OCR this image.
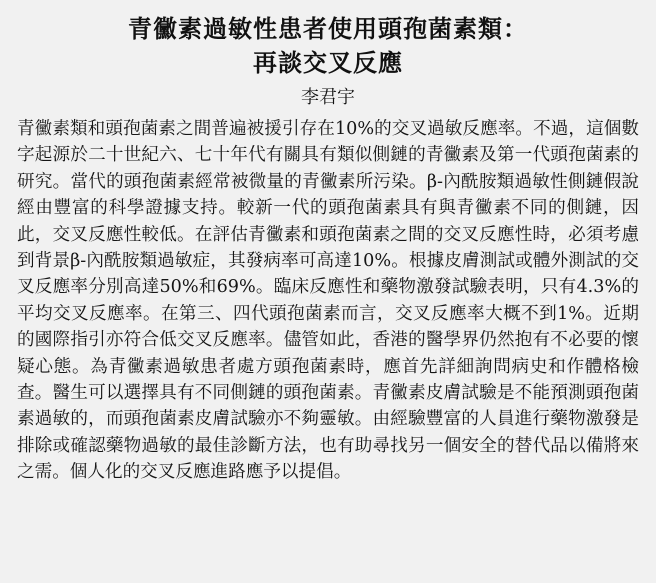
青黴素過敏性患者使用頭孢菌素類：
再談交叉反應
李君宇

青黴素類和頭孢菌素之間普遍被援引存在10%的交叉過敏反應率。不過，這個數字起源於二十世紀六、七十年代有關具有類似側鏈的青黴素及第一代頭孢菌素的研究。當代的頭孢菌素經常被微量的青黴素所污染。β-內酰胺類過敏性側鏈假說經由豐富的科學證據支持。較新一代的頭孢菌素具有與青黴素不同的側鏈，因此，交叉反應性較低。在評估青黴素和頭孢菌素之間的交叉反應性時，必須考慮到背景β-內酰胺類過敏症，其發病率可高達10%。根據皮膚測試或體外測試的交叉反應率分別高達50%和69%。臨床反應性和藥物激發試驗表明，只有4.3%的平均交叉反應率。在第三、四代頭孢菌素而言，交叉反應率大概不到1%。近期的國際指引亦符合低交叉反應率。儘管如此，香港的醫學界仍然抱有不必要的懷疑心態。為青黴素過敏患者處方頭孢菌素時，應首先詳細詢問病史和作體格檢查。醫生可以選擇具有不同側鏈的頭孢菌素。青黴素皮膚試驗是不能預測頭孢菌素過敏的，而頭孢菌素皮膚試驗亦不夠靈敏。由經驗豐富的人員進行藥物激發是排除或確認藥物過敏的最佳診斷方法，也有助尋找另一個安全的替代品以備將來之需。個人化的交叉反應進路應予以提倡。
